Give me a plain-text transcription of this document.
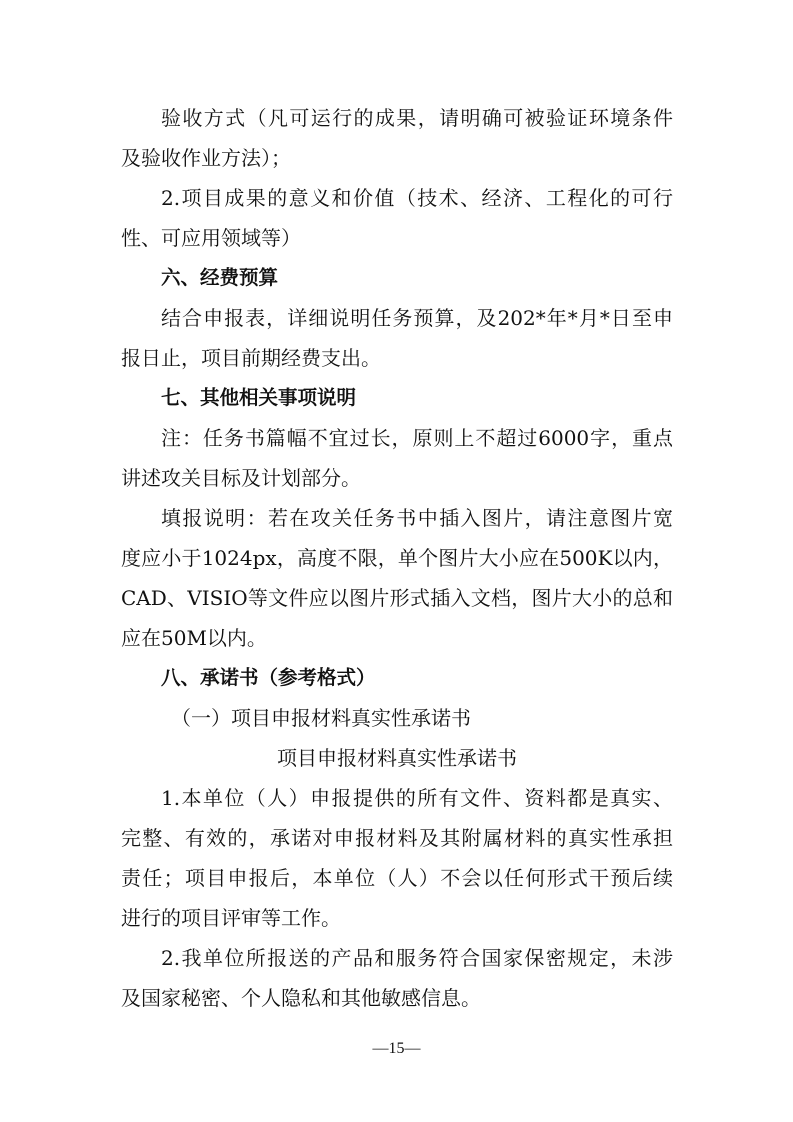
验收方式（凡可运行的成果，请明确可被验证环境条件
及验收作业方法）；
2.项目成果的意义和价值（技术、经济、工程化的可行
性、可应用领域等）
六、经费预算
结合申报表，详细说明任务预算，及202*年*月*日至申
报日止，项目前期经费支出。
七、其他相关事项说明
注：任务书篇幅不宜过长，原则上不超过6000字，重点
讲述攻关目标及计划部分。
填报说明：若在攻关任务书中插入图片，请注意图片宽
度应小于1024px，高度不限，单个图片大小应在500K以内，
CAD、VISIO等文件应以图片形式插入文档，图片大小的总和
应在50M以内。
八、承诺书（参考格式）
（一）项目申报材料真实性承诺书
项目申报材料真实性承诺书
1.本单位（人）申报提供的所有文件、资料都是真实、
完整、有效的，承诺对申报材料及其附属材料的真实性承担
责任；项目申报后，本单位（人）不会以任何形式干预后续
进行的项目评审等工作。
2.我单位所报送的产品和服务符合国家保密规定，未涉
及国家秘密、个人隐私和其他敏感信息。
—15—
